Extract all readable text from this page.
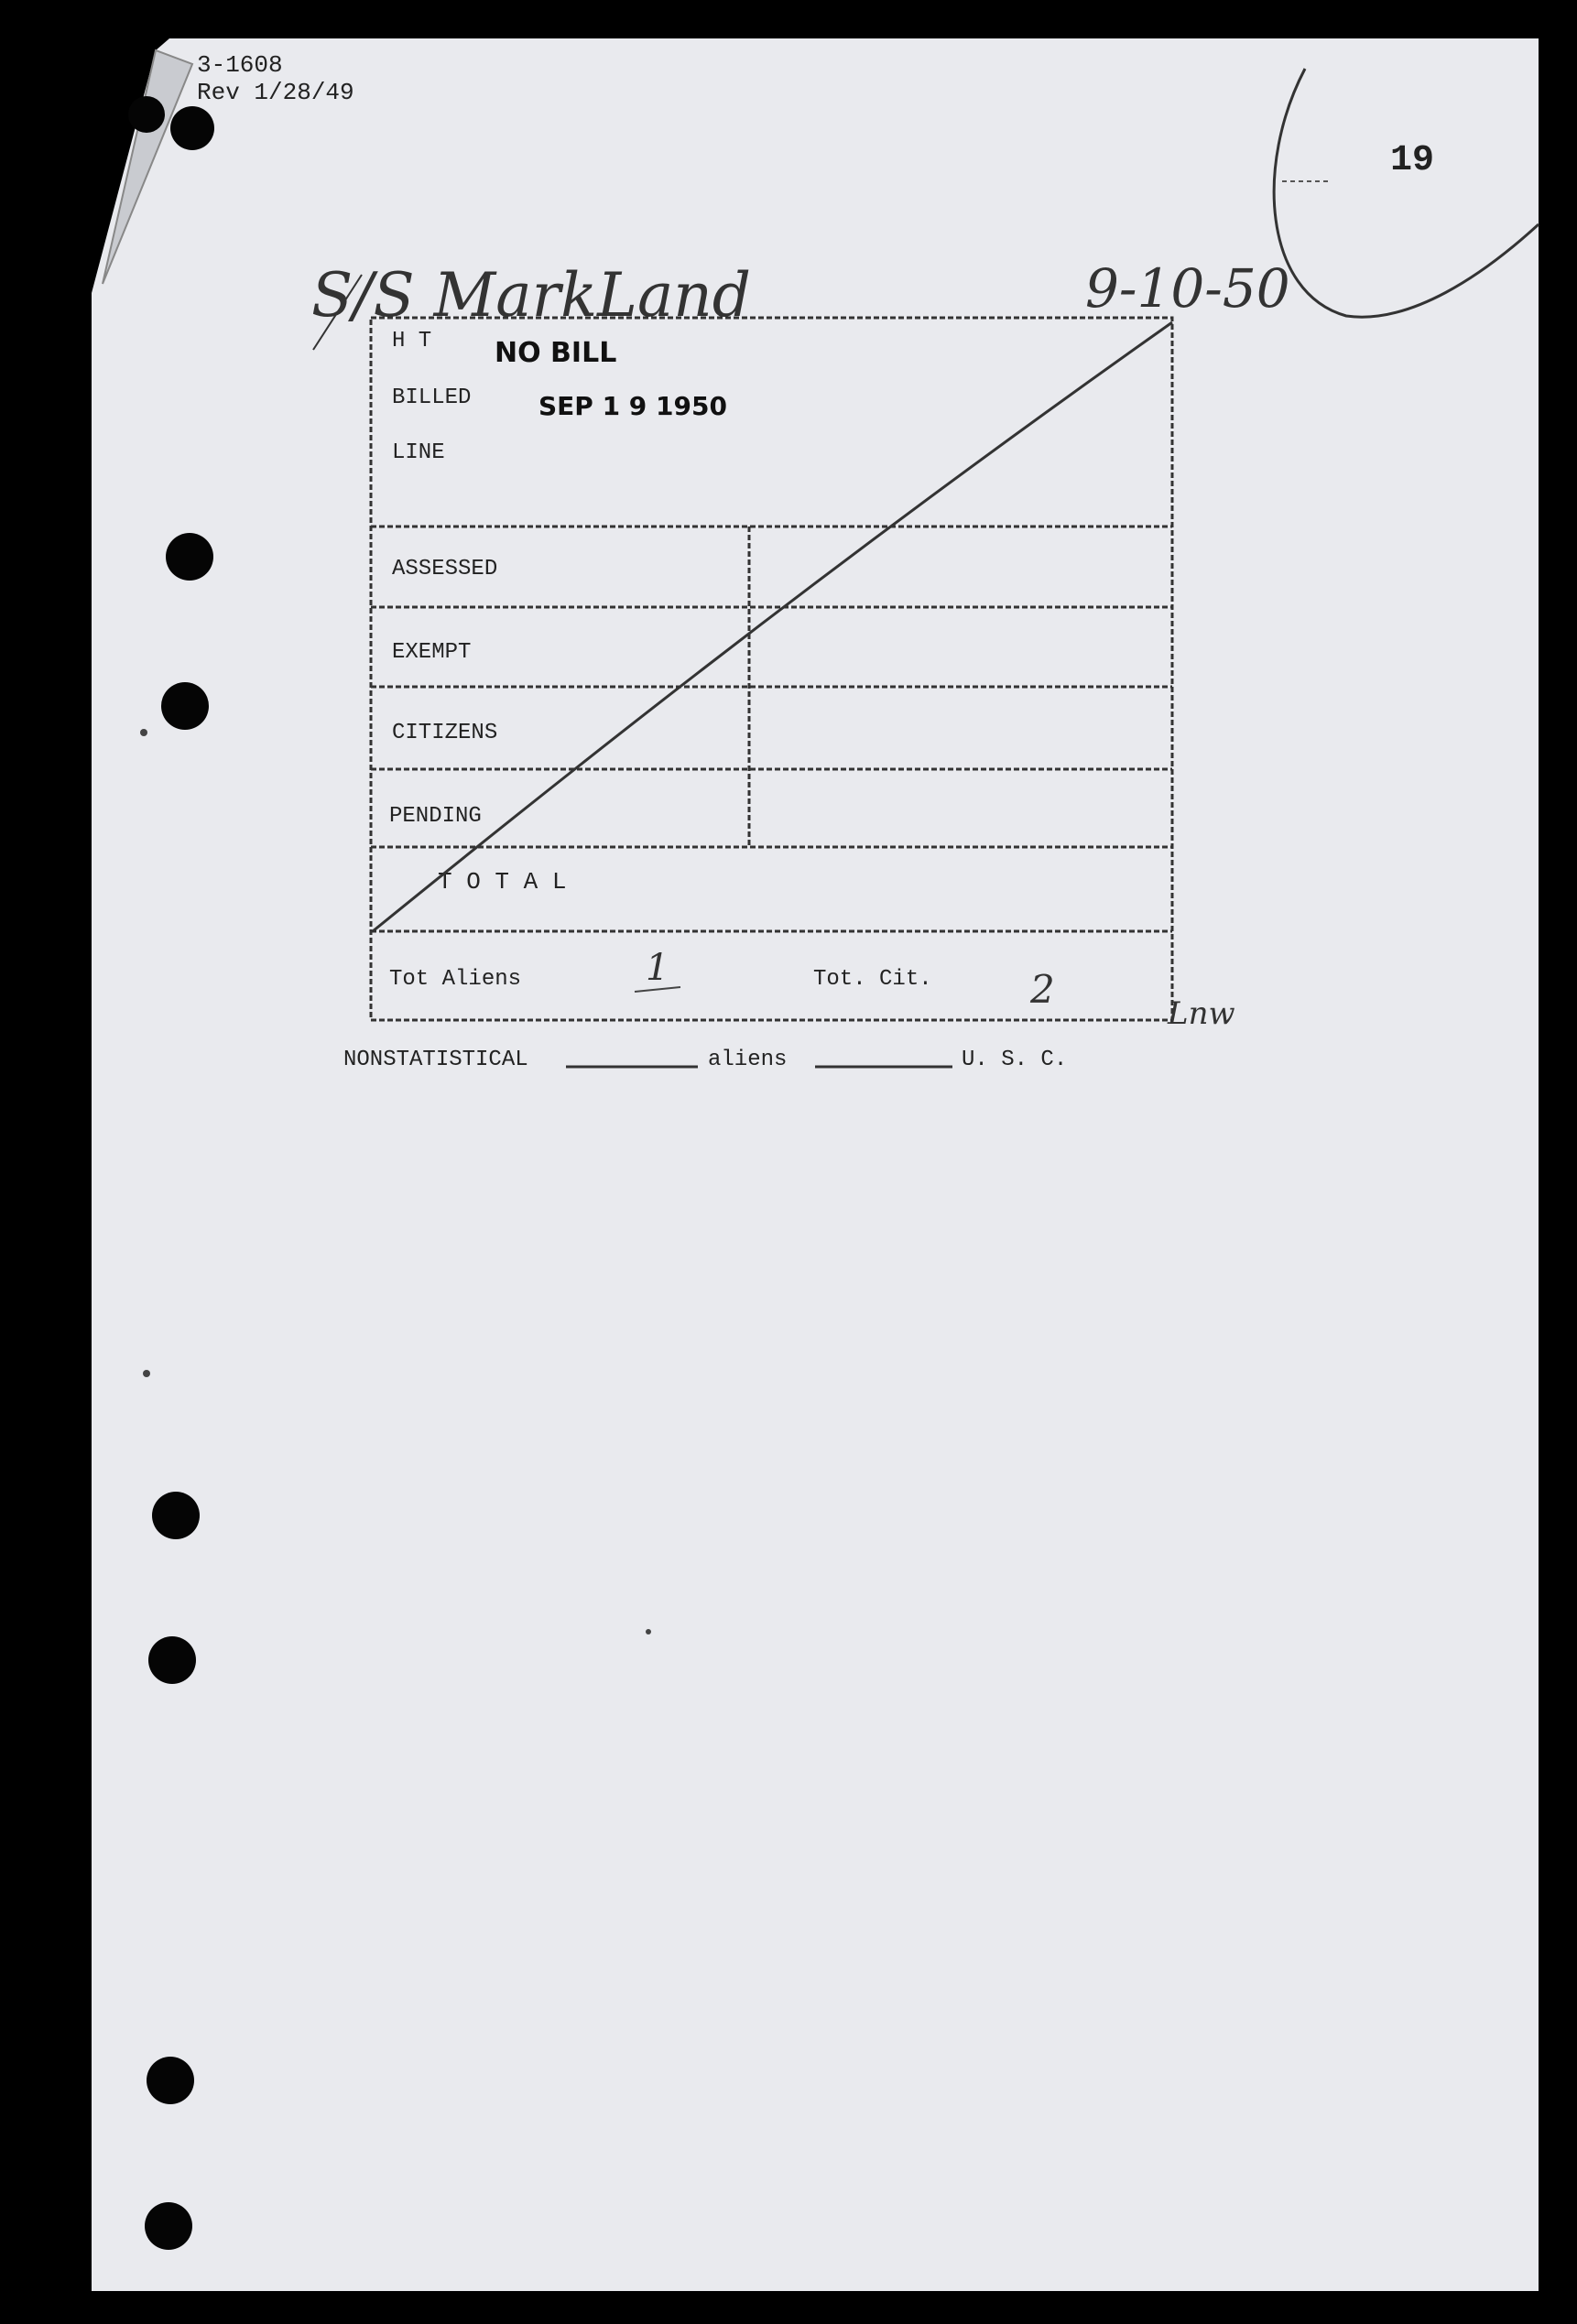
3-1608
Rev 1/28/49
19
S/S MarkLand	9-10-50
H T
BILLED
LINE
NO BILL
SEP 1 9 1950
ASSESSED
EXEMPT
CITIZENS
PENDING
T O T A L
Tot Aliens	1	Tot. Cit.	2
Lnw
NONSTATISTICAL	aliens	U. S. C.
